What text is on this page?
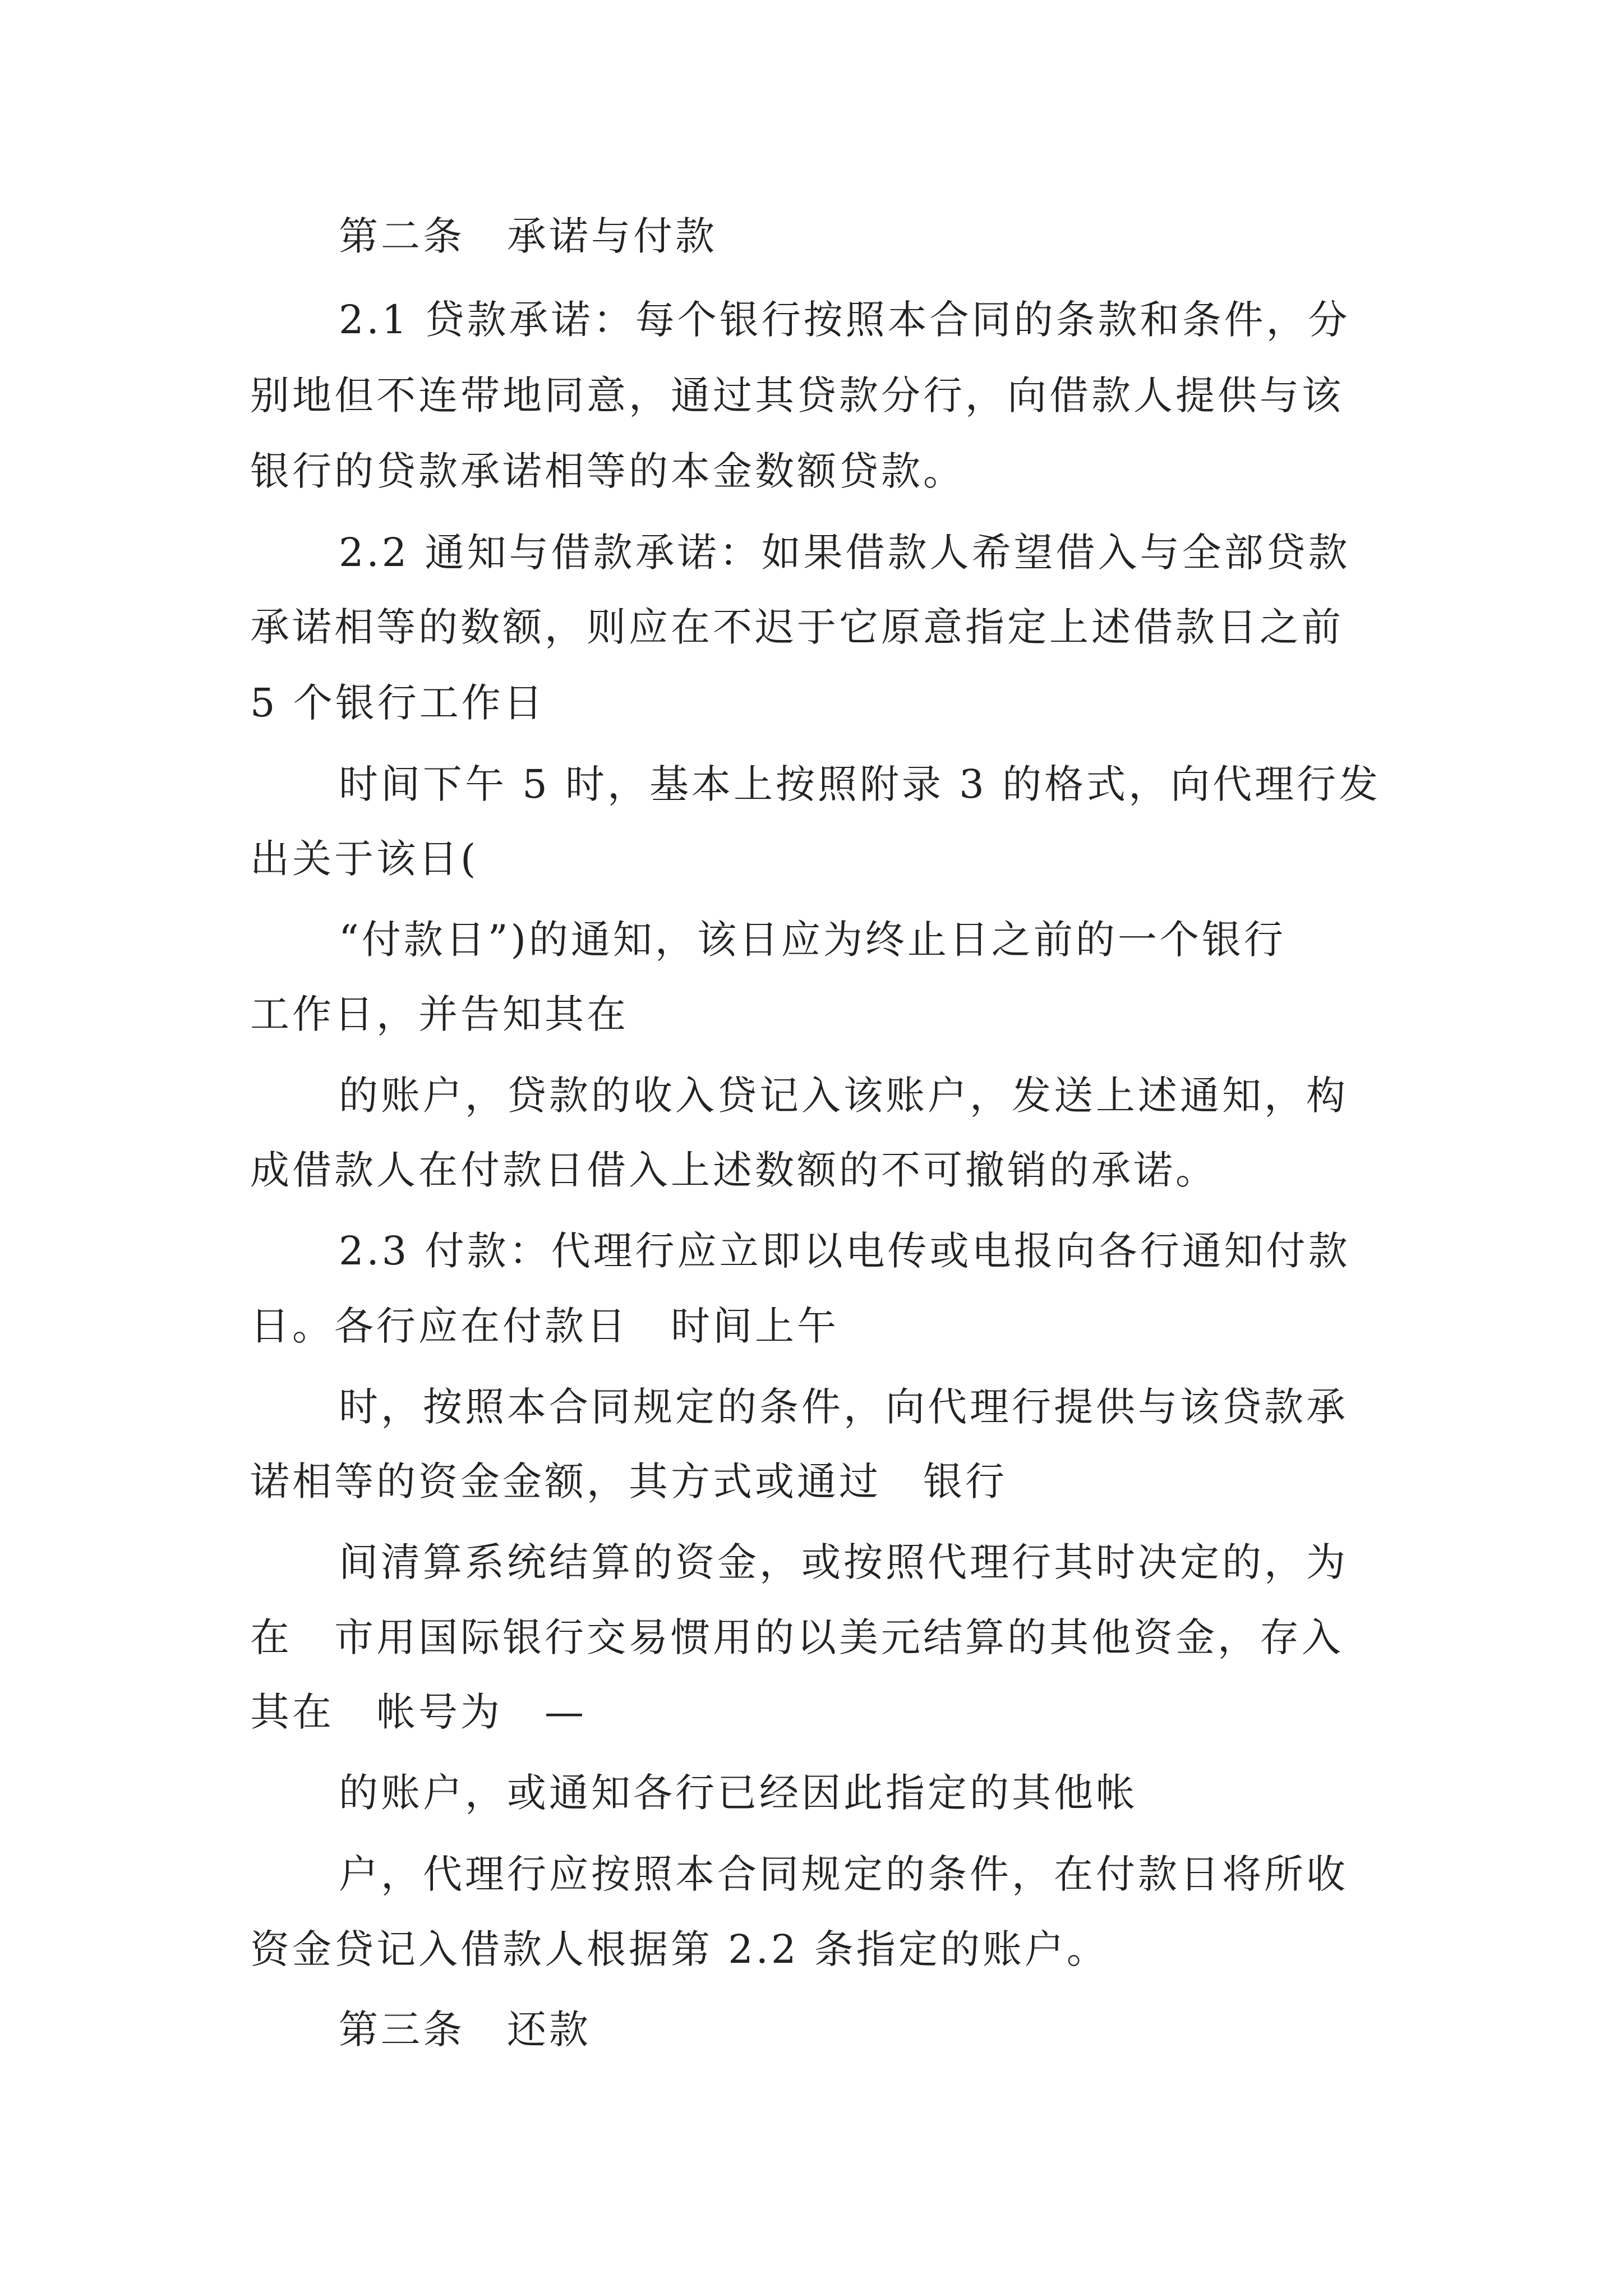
第二条　承诺与付款
2.1 贷款承诺：每个银行按照本合同的条款和条件，分
别地但不连带地同意，通过其贷款分行，向借款人提供与该
银行的贷款承诺相等的本金数额贷款。
2.2 通知与借款承诺：如果借款人希望借入与全部贷款
承诺相等的数额，则应在不迟于它原意指定上述借款日之前
5 个银行工作日
时间下午 5 时，基本上按照附录 3 的格式，向代理行发
出关于该日(
“付款日”)的通知，该日应为终止日之前的一个银行
工作日，并告知其在
的账户，贷款的收入贷记入该账户，发送上述通知，构
成借款人在付款日借入上述数额的不可撤销的承诺。
2.3 付款：代理行应立即以电传或电报向各行通知付款
日。各行应在付款日　时间上午
时，按照本合同规定的条件，向代理行提供与该贷款承
诺相等的资金金额，其方式或通过　银行
间清算系统结算的资金，或按照代理行其时决定的，为
在　市用国际银行交易惯用的以美元结算的其他资金，存入
其在　帐号为　—
的账户，或通知各行已经因此指定的其他帐
户，代理行应按照本合同规定的条件，在付款日将所收
资金贷记入借款人根据第 2.2 条指定的账户。
第三条　还款
